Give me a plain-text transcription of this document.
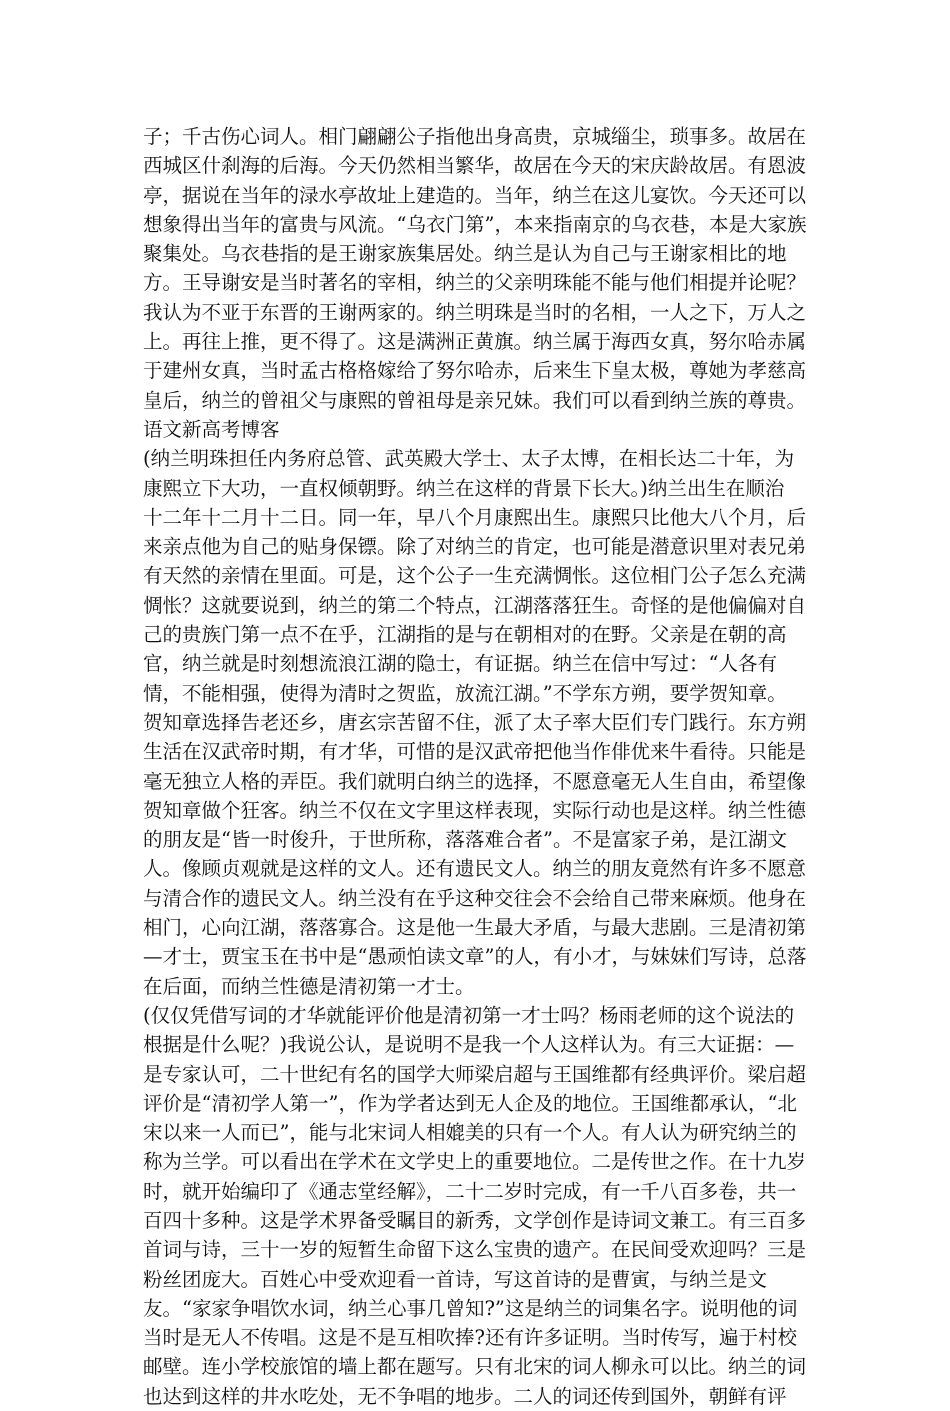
子；千古伤心词人。相门翩翩公子指他出身高贵，京城缁尘，琐事多。故居在
西城区什刹海的后海。今天仍然相当繁华，故居在今天的宋庆龄故居。有恩波
亭，据说在当年的渌水亭故址上建造的。当年，纳兰在这儿宴饮。今天还可以
想象得出当年的富贵与风流。“乌衣门第”，本来指南京的乌衣巷，本是大家族
聚集处。乌衣巷指的是王谢家族集居处。纳兰是认为自己与王谢家相比的地
方。王导谢安是当时著名的宰相，纳兰的父亲明珠能不能与他们相提并论呢？
我认为不亚于东晋的王谢两家的。纳兰明珠是当时的名相，一人之下，万人之
上。再往上推，更不得了。这是满洲正黄旗。纳兰属于海西女真，努尔哈赤属
于建州女真，当时孟古格格嫁给了努尔哈赤，后来生下皇太极，尊她为孝慈高
皇后，纳兰的曾祖父与康熙的曾祖母是亲兄妹。我们可以看到纳兰族的尊贵。
语文新高考博客
(纳兰明珠担任内务府总管、武英殿大学士、太子太博，在相长达二十年，为
康熙立下大功，一直权倾朝野。纳兰在这样的背景下长大。)纳兰出生在顺治
十二年十二月十二日。同一年，早八个月康熙出生。康熙只比他大八个月，后
来亲点他为自己的贴身保镖。除了对纳兰的肯定，也可能是潜意识里对表兄弟
有天然的亲情在里面。可是，这个公子一生充满惆怅。这位相门公子怎么充满
惆怅？这就要说到，纳兰的第二个特点，江湖落落狂生。奇怪的是他偏偏对自
己的贵族门第一点不在乎，江湖指的是与在朝相对的在野。父亲是在朝的高
官，纳兰就是时刻想流浪江湖的隐士，有证据。纳兰在信中写过：“人各有
情，不能相强，使得为清时之贺监，放流江湖。”不学东方朔，要学贺知章。
贺知章选择告老还乡，唐玄宗苦留不住，派了太子率大臣们专门践行。东方朔
生活在汉武帝时期，有才华，可惜的是汉武帝把他当作俳优来牛看待。只能是
毫无独立人格的弄臣。我们就明白纳兰的选择，不愿意毫无人生自由，希望像
贺知章做个狂客。纳兰不仅在文字里这样表现，实际行动也是这样。纳兰性德
的朋友是“皆一时俊升，于世所称，落落难合者”。不是富家子弟，是江湖文
人。像顾贞观就是这样的文人。还有遗民文人。纳兰的朋友竟然有许多不愿意
与清合作的遗民文人。纳兰没有在乎这种交往会不会给自己带来麻烦。他身在
相门，心向江湖，落落寡合。这是他一生最大矛盾，与最大悲剧。三是清初第
—才士，贾宝玉在书中是“愚顽怕读文章”的人，有小才，与妹妹们写诗，总落
在后面，而纳兰性德是清初第一才士。
(仅仅凭借写词的才华就能评价他是清初第一才士吗？杨雨老师的这个说法的
根据是什么呢？)我说公认，是说明不是我一个人这样认为。有三大证据：—
是专家认可，二十世纪有名的国学大师梁启超与王国维都有经典评价。梁启超
评价是“清初学人第一”，作为学者达到无人企及的地位。王国维都承认，“北
宋以来一人而已”，能与北宋词人相媲美的只有一个人。有人认为研究纳兰的
称为兰学。可以看出在学术在文学史上的重要地位。二是传世之作。在十九岁
时，就开始编印了《通志堂经解》，二十二岁时完成，有一千八百多卷，共一
百四十多种。这是学术界备受瞩目的新秀，文学创作是诗词文兼工。有三百多
首词与诗，三十一岁的短暂生命留下这么宝贵的遗产。在民间受欢迎吗？三是
粉丝团庞大。百姓心中受欢迎看一首诗，写这首诗的是曹寅，与纳兰是文
友。“家家争唱饮水词，纳兰心事几曾知?”这是纳兰的词集名字。说明他的词
当时是无人不传唱。这是不是互相吹捧?还有许多证明。当时传写，遍于村校
邮壁。连小学校旅馆的墙上都在题写。只有北宋的词人柳永可以比。纳兰的词
也达到这样的井水吃处，无不争唱的地步。二人的词还传到国外，朝鲜有评
